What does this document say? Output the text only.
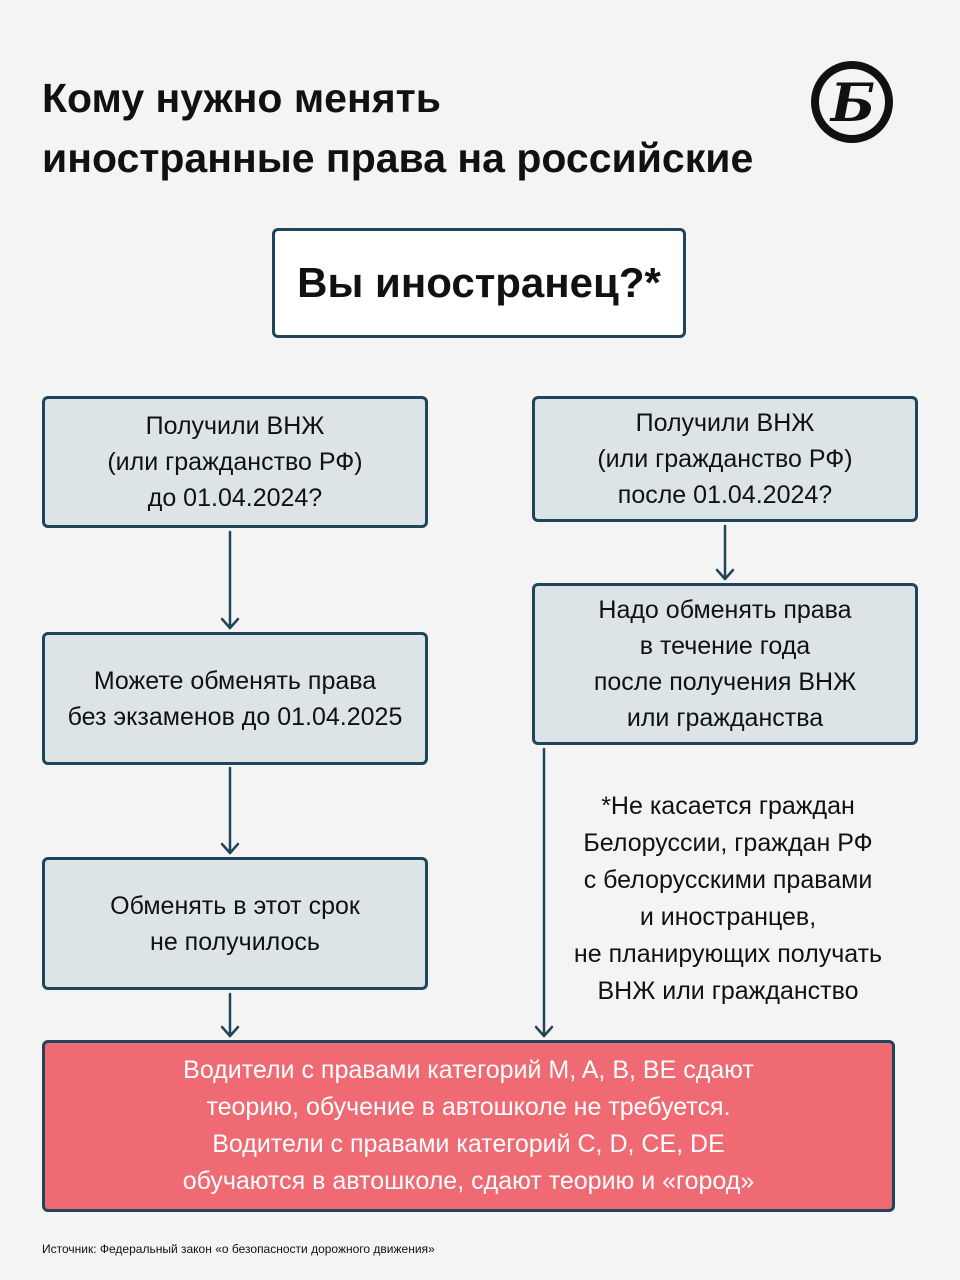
Кому нужно менять
иностранные права на российские
Б
Вы иностранец?*
Получили ВНЖ
(или гражданство РФ)
до 01.04.2024?
Получили ВНЖ
(или гражданство РФ)
после 01.04.2024?
Можете обменять права
без экзаменов до 01.04.2025
Надо обменять права
в течение года
после получения ВНЖ
или гражданства
Обменять в этот срок
не получилось
*Не касается граждан
Белоруссии, граждан РФ
с белорусскими правами
и иностранцев,
не планирующих получать
ВНЖ или гражданство
Водители с правами категорий M, A, B, BE сдают
теорию, обучение в автошколе не требуется.
Водители с правами категорий C, D, CE, DE
обучаются в автошколе, сдают теорию и «город»
Источник: Федеральный закон «о безопасности дорожного движения»
